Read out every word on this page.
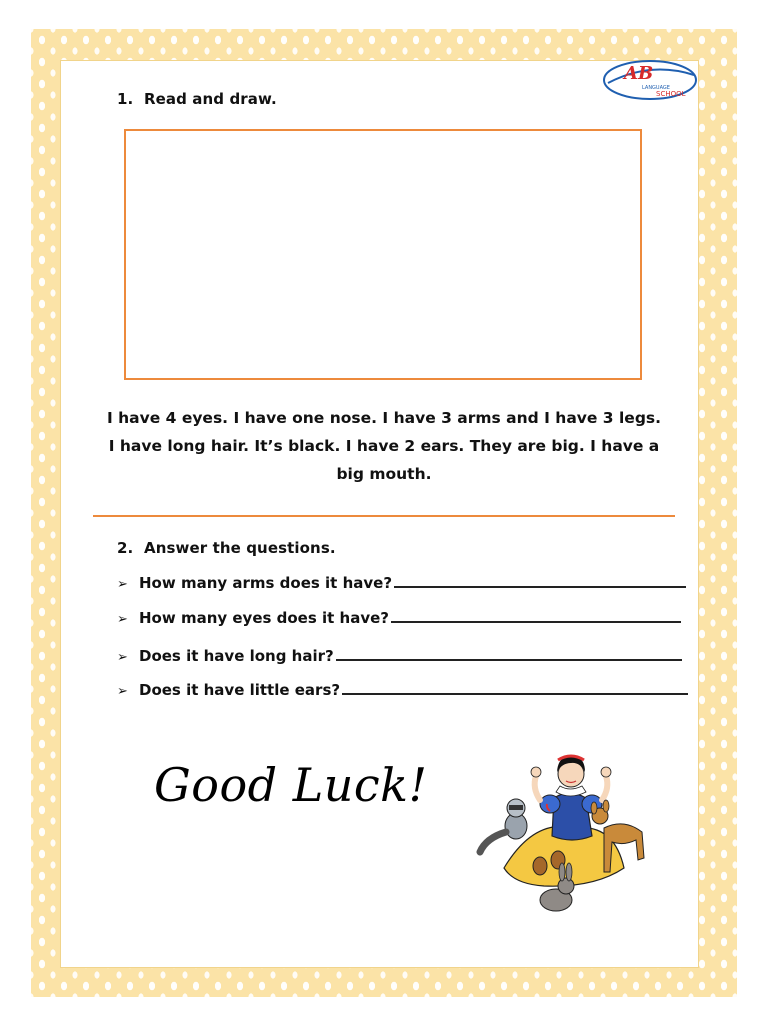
AB
LANGUAGE
SCHOOL
1. Read and draw.
I have 4 eyes. I have one nose. I have 3 arms and I have 3 legs. I have long hair. It’s black. I have 2 ears. They are big. I have a big mouth.
2. Answer the questions.
➢ How many arms does it have?
➢ How many eyes does it have?
➢ Does it have long hair?
➢ Does it have little ears?
Good Luck!
